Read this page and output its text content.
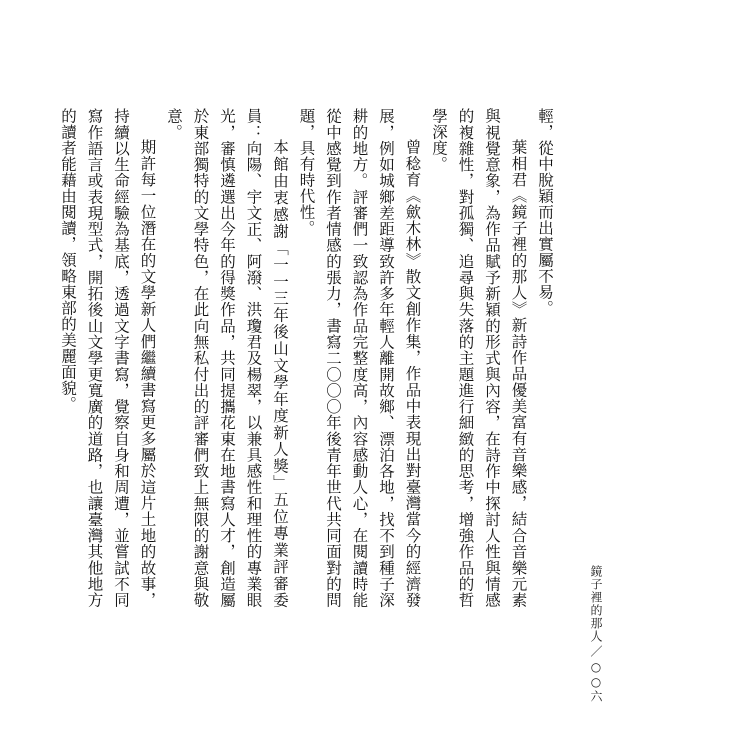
鏡子裡的那人／○○六

輕，從中脫穎而出實屬不易。

葉相君《鏡子裡的那人》新詩作品優美富有音樂感，結合音樂元素與視覺意象，為作品賦予新穎的形式與內容，在詩作中探討人性與情感的複雜性，對孤獨、追尋與失落的主題進行細緻的思考，增強作品的哲學深度。

曾稔育《歛木林》散文創作集，作品中表現出對臺灣當今的經濟發展，例如城鄉差距導致許多年輕人離開故鄉、漂泊各地，找不到種子深耕的地方。評審們一致認為作品完整度高，內容感動人心，在閱讀時能從中感覺到作者情感的張力，書寫二〇〇〇年後青年世代共同面對的問題，具有時代性。

本館由衷感謝「一一三年後山文學年度新人獎」五位專業評審委員：向陽、宇文正、阿潑、洪瓊君及楊翠，以兼具感性和理性的專業眼光，審慎遴選出今年的得獎作品，共同提攜花東在地書寫人才，創造屬於東部獨特的文學特色，在此向無私付出的評審們致上無限的謝意與敬意。

期許每一位潛在的文學新人們繼續書寫更多屬於這片土地的故事，持續以生命經驗為基底，透過文字書寫，覺察自身和周遭，並嘗試不同寫作語言或表現型式，開拓後山文學更寬廣的道路，也讓臺灣其他地方的讀者能藉由閱讀，領略東部的美麗面貌。
